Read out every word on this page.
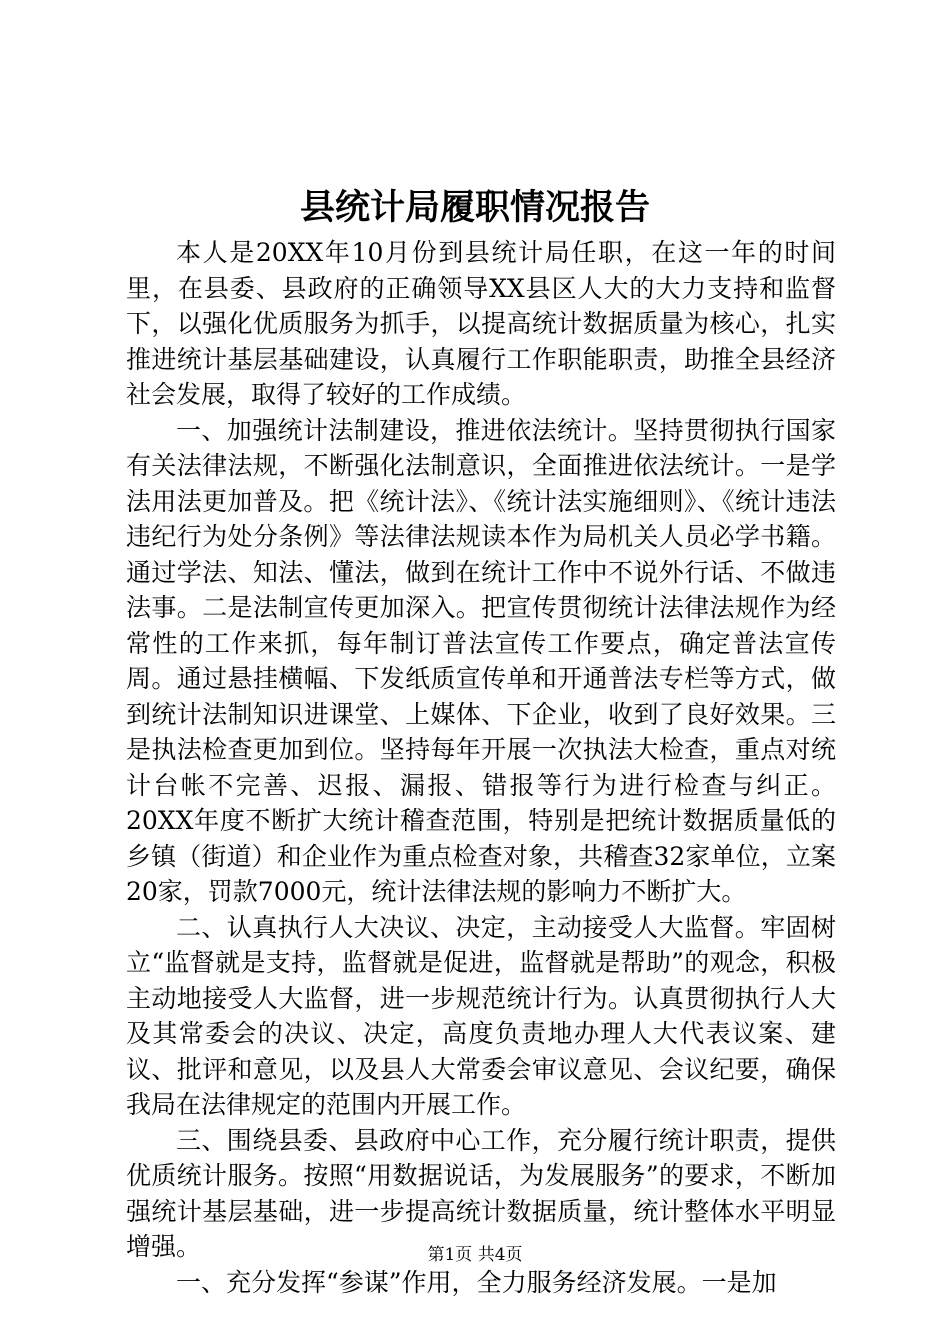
县统计局履职情况报告

本人是20XX年10月份到县统计局任职，在这一年的时间里，在县委、县政府的正确领导XX县区人大的大力支持和监督下，以强化优质服务为抓手，以提高统计数据质量为核心，扎实推进统计基层基础建设，认真履行工作职能职责，助推全县经济社会发展，取得了较好的工作成绩。

一、加强统计法制建设，推进依法统计。坚持贯彻执行国家有关法律法规，不断强化法制意识，全面推进依法统计。一是学法用法更加普及。把《统计法》、《统计法实施细则》、《统计违法违纪行为处分条例》等法律法规读本作为局机关人员必学书籍。通过学法、知法、懂法，做到在统计工作中不说外行话、不做违法事。二是法制宣传更加深入。把宣传贯彻统计法律法规作为经常性的工作来抓，每年制订普法宣传工作要点，确定普法宣传周。通过悬挂横幅、下发纸质宣传单和开通普法专栏等方式，做到统计法制知识进课堂、上媒体、下企业，收到了良好效果。三是执法检查更加到位。坚持每年开展一次执法大检查，重点对统计台帐不完善、迟报、漏报、错报等行为进行检查与纠正。20XX年度不断扩大统计稽查范围，特别是把统计数据质量低的乡镇（街道）和企业作为重点检查对象，共稽查32家单位，立案20家，罚款7000元，统计法律法规的影响力不断扩大。

二、认真执行人大决议、决定，主动接受人大监督。牢固树立“监督就是支持，监督就是促进，监督就是帮助”的观念，积极主动地接受人大监督，进一步规范统计行为。认真贯彻执行人大及其常委会的决议、决定，高度负责地办理人大代表议案、建议、批评和意见，以及县人大常委会审议意见、会议纪要，确保我局在法律规定的范围内开展工作。

三、围绕县委、县政府中心工作，充分履行统计职责，提供优质统计服务。按照“用数据说话，为发展服务”的要求，不断加强统计基层基础，进一步提高统计数据质量，统计整体水平明显增强。

一、充分发挥“参谋”作用，全力服务经济发展。一是加

第1页 共4页
